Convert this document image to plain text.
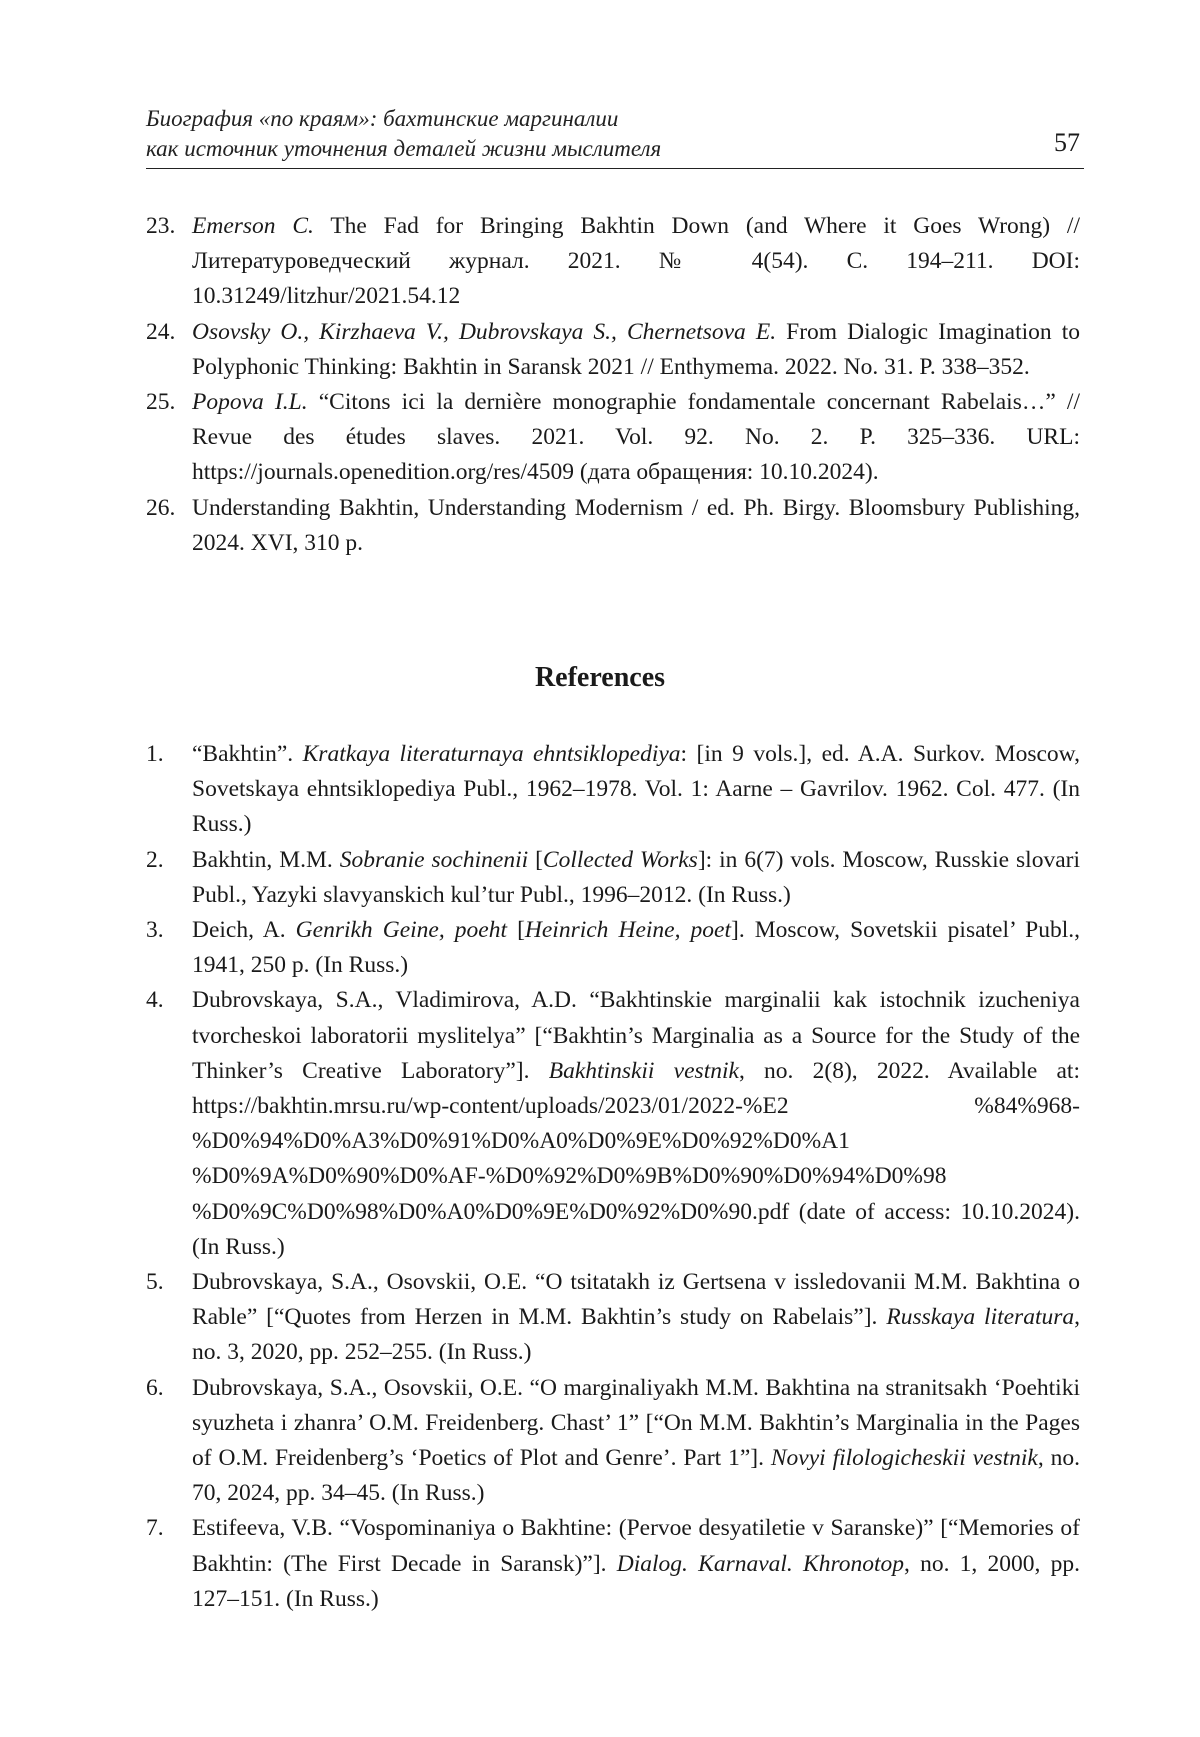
Биография «по краям»: бахтинские маргиналии
как источник уточнения деталей жизни мыслителя	57
23. Emerson C. The Fad for Bringing Bakhtin Down (and Where it Goes Wrong) // Литературоведческий журнал. 2021. № 4(54). С. 194–211. DOI: 10.31249/litzhur/2021.54.12
24. Osovsky O., Kirzhaeva V., Dubrovskaya S., Chernetsova E. From Dialogic Imagination to Polyphonic Thinking: Bakhtin in Saransk 2021 // Enthymema. 2022. No. 31. P. 338–352.
25. Popova I.L. “Citons ici la dernière monographie fondamentale concernant Rabelais…” // Revue des études slaves. 2021. Vol. 92. No. 2. P. 325–336. URL: https://journals.openedition.org/res/4509 (дата обращения: 10.10.2024).
26. Understanding Bakhtin, Understanding Modernism / ed. Ph. Birgy. Bloomsbury Publishing, 2024. XVI, 310 p.
References
1.	“Bakhtin”. Kratkaya literaturnaya ehntsiklopediya: [in 9 vols.], ed. A.A. Surkov. Moscow, Sovetskaya ehntsiklopediya Publ., 1962–1978. Vol. 1: Aarne – Gavrilov. 1962. Col. 477. (In Russ.)
2.	Bakhtin, M.M. Sobranie sochinenii [Collected Works]: in 6(7) vols. Moscow, Russkie slovari Publ., Yazyki slavyanskich kul’tur Publ., 1996–2012. (In Russ.)
3.	Deich, A. Genrikh Geine, poeht [Heinrich Heine, poet]. Moscow, Sovetskii pisatel’ Publ., 1941, 250 p. (In Russ.)
4.	Dubrovskaya, S.A., Vladimirova, A.D. “Bakhtinskie marginalii kak istochnik izucheniya tvorcheskoi laboratorii myslitelya” [“Bakhtin’s Marginalia as a Source for the Study of the Thinker’s Creative Laboratory”]. Bakhtinskii vestnik, no. 2(8), 2022. Available at: https://bakhtin.mrsu.ru/wp-content/uploads/2023/01/2022-%E2 %84%968-%D0%94%D0%A3%D0%91%D0%A0%D0%9E%D0%92%D0%A1 %D0%9A%D0%90%D0%AF-%D0%92%D0%9B%D0%90%D0%94%D0%98 %D0%9C%D0%98%D0%A0%D0%9E%D0%92%D0%90.pdf (date of access: 10.10.2024). (In Russ.)
5.	Dubrovskaya, S.A., Osovskii, O.E. “O tsitatakh iz Gertsena v issledovanii M.M. Bakhtina o Rable” [“Quotes from Herzen in M.M. Bakhtin’s study on Rabelais”]. Russkaya literatura, no. 3, 2020, pp. 252–255. (In Russ.)
6.	Dubrovskaya, S.A., Osovskii, O.E. “O marginaliyakh M.M. Bakhtina na stranitsakh ‘Poehtiki syuzheta i zhanra’ O.M. Freidenberg. Chast’ 1” [“On M.M. Bakhtin’s Marginalia in the Pages of O.M. Freidenberg’s ‘Poetics of Plot and Genre’. Part 1”]. Novyi filologicheskii vestnik, no. 70, 2024, pp. 34–45. (In Russ.)
7.	Estifeeva, V.B. “Vospominaniya o Bakhtine: (Pervoe desyatiletie v Saranske)” [“Memories of Bakhtin: (The First Decade in Saransk)”]. Dialog. Karnaval. Khronotop, no. 1, 2000, pp. 127–151. (In Russ.)
